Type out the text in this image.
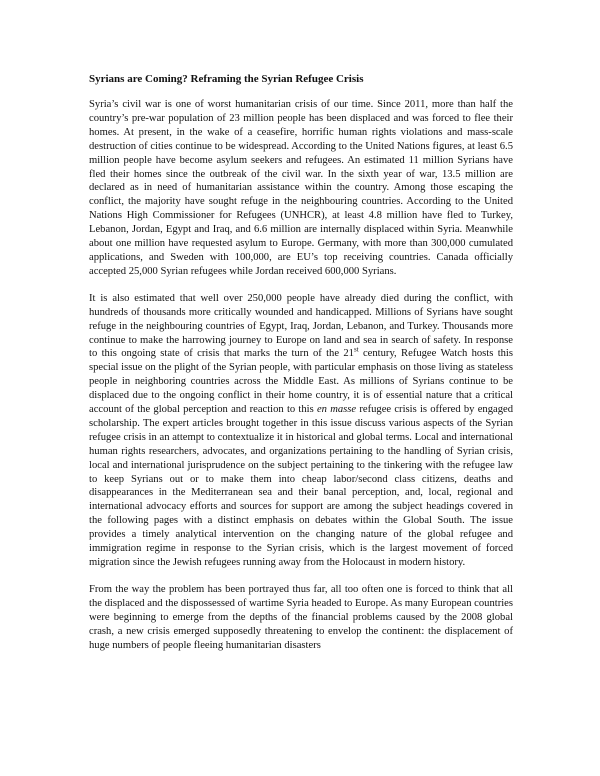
Syrians are Coming? Reframing the Syrian Refugee Crisis

Syria’s civil war is one of worst humanitarian crisis of our time. Since 2011, more than half the country’s pre-war population of 23 million people has been displaced and was forced to flee their homes. At present, in the wake of a ceasefire, horrific human rights violations and mass-scale destruction of cities continue to be widespread. According to the United Nations figures, at least 6.5 million people have become asylum seekers and refugees. An estimated 11 million Syrians have fled their homes since the outbreak of the civil war. In the sixth year of war, 13.5 million are declared as in need of humanitarian assistance within the country. Among those escaping the conflict, the majority have sought refuge in the neighbouring countries. According to the United Nations High Commissioner for Refugees (UNHCR), at least 4.8 million have fled to Turkey, Lebanon, Jordan, Egypt and Iraq, and 6.6 million are internally displaced within Syria. Meanwhile about one million have requested asylum to Europe. Germany, with more than 300,000 cumulated applications, and Sweden with 100,000, are EU’s top receiving countries. Canada officially accepted 25,000 Syrian refugees while Jordan received 600,000 Syrians.

It is also estimated that well over 250,000 people have already died during the conflict, with hundreds of thousands more critically wounded and handicapped. Millions of Syrians have sought refuge in the neighbouring countries of Egypt, Iraq, Jordan, Lebanon, and Turkey. Thousands more continue to make the harrowing journey to Europe on land and sea in search of safety. In response to this ongoing state of crisis that marks the turn of the 21st century, Refugee Watch hosts this special issue on the plight of the Syrian people, with particular emphasis on those living as stateless people in neighboring countries across the Middle East. As millions of Syrians continue to be displaced due to the ongoing conflict in their home country, it is of essential nature that a critical account of the global perception and reaction to this en masse refugee crisis is offered by engaged scholarship. The expert articles brought together in this issue discuss various aspects of the Syrian refugee crisis in an attempt to contextualize it in historical and global terms. Local and international human rights researchers, advocates, and organizations pertaining to the handling of Syrian crisis, local and international jurisprudence on the subject pertaining to the tinkering with the refugee law to keep Syrians out or to make them into cheap labor/second class citizens, deaths and disappearances in the Mediterranean sea and their banal perception, and, local, regional and international advocacy efforts and sources for support are among the subject headings covered in the following pages with a distinct emphasis on debates within the Global South. The issue provides a timely analytical intervention on the changing nature of the global refugee and immigration regime in response to the Syrian crisis, which is the largest movement of forced migration since the Jewish refugees running away from the Holocaust in modern history.

From the way the problem has been portrayed thus far, all too often one is forced to think that all the displaced and the dispossessed of wartime Syria headed to Europe. As many European countries were beginning to emerge from the depths of the financial problems caused by the 2008 global crash, a new crisis emerged supposedly threatening to envelop the continent: the displacement of huge numbers of people fleeing humanitarian disasters
